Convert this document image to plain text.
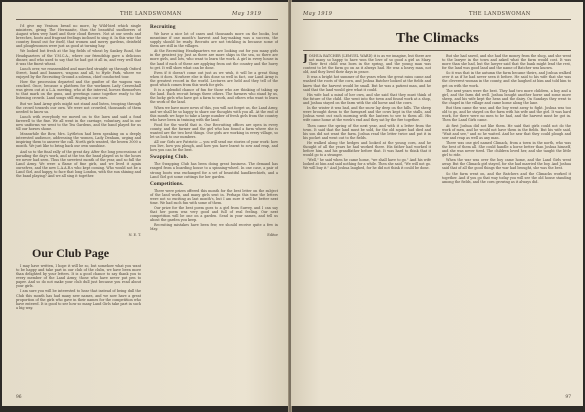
THE LANDSWOMAN	May 1919

I'd give my Venison bread no more, by Wild-bird which single ministers, giving The Hermanite, thus the beautiful sunflowers of August when very hard and their cloud flowers. Not at our seeds and breeches, hoots and fragrant feelings inclined to sing it. In this wise the country found out for itself, that women and merry gardens, deisfield and ploughwomen were just as good at turning hay.

We looked but fresh at the big fields of wheat by Sankey Road, the Headquarters of the Y.M.C.A., where our friendship gave a delicious dinner, and who used to say that he had got it all in, and very well that it was the finest wheat.

Lunch over, we reassembled and marched straight up through Oxford Street, band and banners, wagons and all, to Hyde Park, where we enjoyed by the Recruiting Ground a solemn, chief conducted tour.

How the procession departed and the gunfire of the wagons was cracked. Once, because a platform for the workmen Lady Cravenhall was given out at a L.A. meeting, who at the interval, horses themselves to that mark on the guns, and greetings came together ready to the listening crowds. Land songs still ringing in our ears.

But we land Army girls might not stand and listen, trooping through the crowd towards our own. We were not crowded, thousands of them needed to know us.

Lunch with everybody we moved on to the lawn and said a fond farewell to the fine. We all went in the carriage, voluntary, and in our new uniforms we went to the Tea Gardens, and the band played for us till our horses shone.

Meanwhile the Bow, Mrs. Lyttleton had been speaking on a deeply interested audience, addressing the women, Lady Denham, urging and inspiring them to answer the call. North girls wanted, the brown 3000 a month. We just like to bring back our own sunshine.

And so to the final rally of the great day. After the long processions of parading the day's work, and at the tea the band played us to the hours we never had seen. Thus the sweetest month of the year, and so full the Land Army. We were a flame of fine girls, and we lived it again ourselves, and the new L.A.A.R.s who kept coming. Who would not be a Land Girl, and happy, to face that long London, with the sun shining and the band playing? And we all sing it together.

N. E. T.
Our Club Page

I may have written, I hope it will be so, but somehow what you want to be happy and take part in our club of the clubs, we have been more than delighted by your letters. It is a good chance to say thank you to every member of the Land Army; those who have never put pen to paper. And so do not make your club dull just because you read about your girls.

I am sure you will be interested to hear that instead of being dull the Club this month has had many new names, and we now have a great proportion of the girls who gave in their names for the competition who have entered. It is good to see how so many Land Girls take part in such a big way.

Recruiting

We have a nice lot of cases and thousands more on the books, but meantime if one month's harvest and hay-making was a success, the supply should be ready. Recruits are not trickling in because some of them are still in the villages.

At the Recruiting Headquarters we are looking out for you many girls in the greatest joy. Just as there are more ships in the sea, so there are more girls, and lots, who want to learn the work. A girl in every house in the land if each of these are applying from out the country and the hurry to get. It will show what can be done.

Even if it doesn't come out just as we wish, it will be a great thing when it does. Nowhere else is this done so well in fact, our Land Army is the greatest record in the world. Lectures are held and they tell of the good which comes from this work for girls.

It is a splendid chance of fun for those who are thinking of taking up the land. Each recruit brings three others. The farmers who stand by us, the lucky girls who have got a farm to work, and others who want to learn the work of the land.

When we have more news of this, you will not forget us, the Land Army, and we shall be so happy to share our thoughts with you all. At the end of this month we hope to take a large number of fresh girls from the country who have been in training with the land.

Food for the world that is. Our Recruiting offices are open in every county, and the farmer and the girl who has found a farm where she is wanted are the two best things. Our girls are working in every village, so let us look to our numbers.

All our Girls are Patriotic — you will send me stories of your work: how you live, how you plough, and how you have learnt to sow and reap, and how you can be the best.

Swapping Club.

The Swapping Club has been doing great business. The demand has ranged from a boarding house to a spinning-wheel. In one case, a pair of strong boots was exchanged for a set of beautiful handkerchiefs, and a Land Girl got some cuttings for her garden.

Competitions.

There were prizes offered this month for the best letter on the subject of the land work, and many girls sent in. Perhaps this time the letters were not so exciting as last month's, but I am sure it will be better next time. We had such fun with some of them.

Our prize for the best poem goes to a girl from Surrey, and I can say that her poem was very good and full of real feeling. Our next competition will be one on a garden. Send in your names, and tell us about the garden you keep.

Recruiting mistakes have been few, we should receive quite a few in May.

Editor
96
May 1919	THE LANDSWOMAN
The Climacks

JOSHUA BATCHER (LEMUEL WARD) it is as we imagine, but there are not many so happy to have won the love of so good a girl as Mary. Their first child was born in the spring, and the young man was content to let the farm go on as it always had. He was a heavy man, not old, and they lived their days in peace.

It was a bright hot summer of the years when the great rains came and washed the roots of the corn, and Joshua Batcher looked at the fields and knew that the harvest would be small. But he was a patient man, and he said that the land would give what it could.

His wife had a mind of her own, and she said that they must think of the future of the child. She went into the town and found work at a shop, and Joshua stayed on the farm with the old horse and the cows.

In the winter it was bad, and the snow lay deep on the hills. The sheep were brought down to the farmyard and the cows kept in the stalls, and Joshua went out each morning with the lantern to see to them all. His wife came home at the week's end and they sat by the fire together.

Then came the spring of the next year, and with it a letter from the town. It said that the land must be sold, for the old squire had died and his son did not want the farm. Joshua read the letter twice and put it in his pocket and went out to the fields.

He walked along the hedges and looked at the young corn, and he thought of all the years he had worked there. His father had worked it before him, and his grandfather before that. It was hard to think that it would go to a stranger.

"Well," he said when he came home, "we shall have to go." And his wife looked at him and said nothing for a while. Then she said, "We will not go. We will buy it." And Joshua laughed, for he did not think it could be done.

But she had saved, and she had the money from the shop, and she went to the lawyer in the town and asked what the farm would cost. It was more than she had, but the lawyer said that the bank might lend the rest, for the land was good land and the name of Batcher was known.

So it was that in the autumn the farm became theirs, and Joshua walked over it as if he had never seen it before. He said to his wife that she was the cleverest woman in the county, and she laughed at him and told him to get on with the work.

The next years were the best. They had two more children, a boy and a girl, and the farm did well. Joshua bought another horse and some more sheep, and his wife kept the hens and the dairy. On Sundays they went to the chapel in the village and came home along the lane.

But then came the war, and the boy went away to fight. Joshua was too old to go, and he stayed on the farm with his wife and the girl. It was hard work, for there were no men to be had, and the harvest must be got in. Then the Land Girls came.

At first Joshua did not like them. He said that girls could not do the work of men, and he would not have them in the fields. But his wife said, "Wait and see," and so he waited. And he saw that they could plough and sow and reap as well as any man.

There was one girl named Climack, from a town in the north, who was the best of them all. She could handle a horse better than Joshua himself, and she was never tired. The children loved her, and she taught the little girl to ride.

When the war was over the boy came home, and the Land Girls went away. But the Climack girl stayed, for she had married the boy. And Joshua said that of all the good things the war had brought, she was the best.

So the farm went on, and the Batchers and the Climacks worked it together. And if you go that way today you will see the old house standing among the fields, and the corn growing as it always did.

97
